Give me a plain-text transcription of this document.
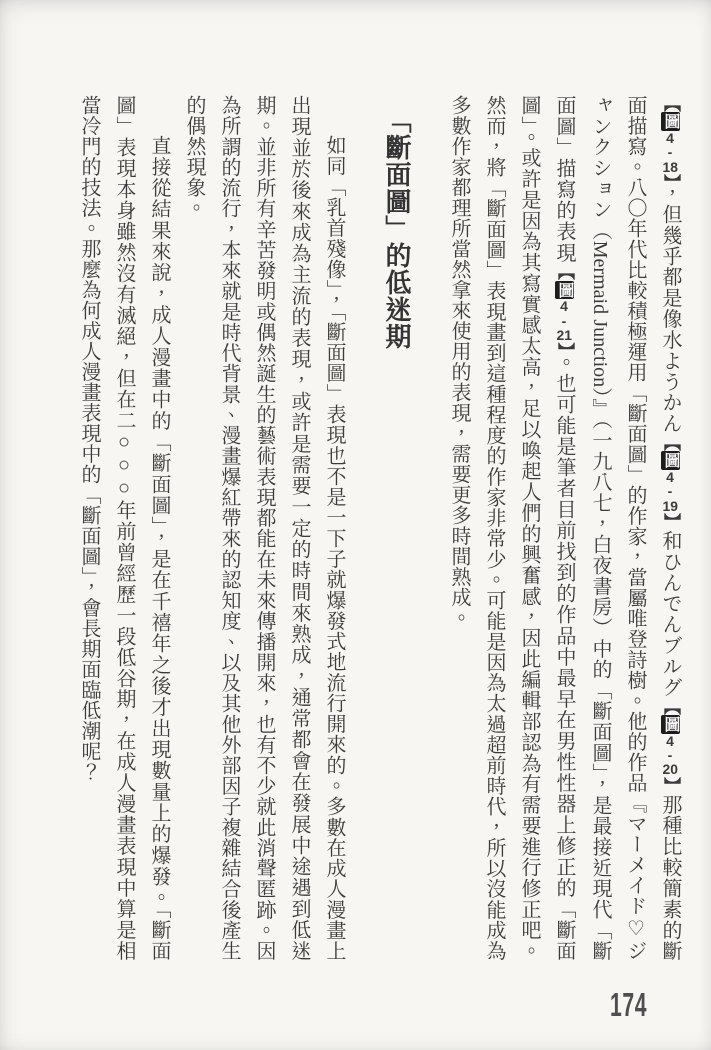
【圖4-18】，但幾乎都是像水ようかん【圖4-19】和ひんでんブルグ【圖4-20】那種比較簡素的斷面描寫。八〇年代比較積極運用「斷面圖」的作家，當屬唯登詩樹。他的作品『マーメイド♡ジャンクション（Mermaid Junction）』（一九八七，白夜書房）中的「斷面圖」，是最接近現代「斷面圖」描寫的表現【圖4-21】。也可能是筆者目前找到的作品中最早在男性性器上修正的「斷面圖」。或許是因為其寫實感太高，足以喚起人們的興奮感，因此編輯部認為有需要進行修正吧。然而，將「斷面圖」表現畫到這種程度的作家非常少。可能是因為太過超前時代，所以沒能成為多數作家都理所當然拿來使用的表現，需要更多時間熟成。

「斷面圖」的低迷期

如同「乳首殘像」，「斷面圖」表現也不是一下子就爆發式地流行開來的。多數在成人漫畫上出現並於後來成為主流的表現，或許是需要一定的時間來熟成，通常都會在發展中途遇到低迷期。並非所有辛苦發明或偶然誕生的藝術表現都能在未來傳播開來，也有不少就此消聲匿跡。因為所謂的流行，本來就是時代背景、漫畫爆紅帶來的認知度、以及其他外部因子複雜結合後產生的偶然現象。

直接從結果來說，成人漫畫中的「斷面圖」，是在千禧年之後才出現數量上的爆發。「斷面圖」表現本身雖然沒有滅絕，但在二○○○年前曾經歷一段低谷期，在成人漫畫表現中算是相當冷門的技法。那麼為何成人漫畫表現中的「斷面圖」，會長期面臨低潮呢？

174
